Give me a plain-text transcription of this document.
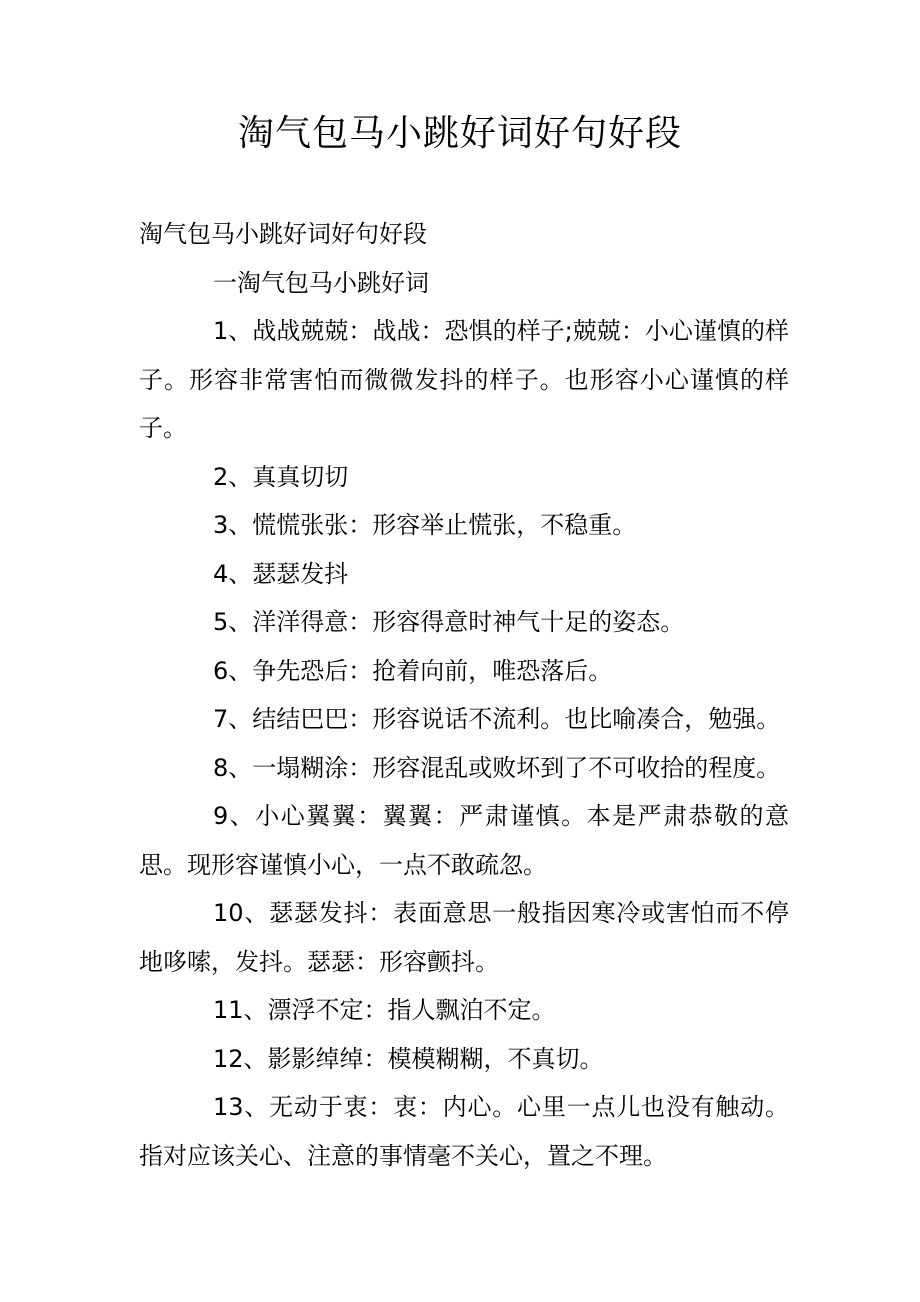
淘气包马小跳好词好句好段

淘气包马小跳好词好句好段

一淘气包马小跳好词

1、战战兢兢：战战：恐惧的样子;兢兢：小心谨慎的样子。形容非常害怕而微微发抖的样子。也形容小心谨慎的样子。

2、真真切切

3、慌慌张张：形容举止慌张，不稳重。

4、瑟瑟发抖

5、洋洋得意：形容得意时神气十足的姿态。

6、争先恐后：抢着向前，唯恐落后。

7、结结巴巴：形容说话不流利。也比喻凑合，勉强。

8、一塌糊涂：形容混乱或败坏到了不可收拾的程度。

9、小心翼翼：翼翼：严肃谨慎。本是严肃恭敬的意思。现形容谨慎小心，一点不敢疏忽。

10、瑟瑟发抖：表面意思一般指因寒冷或害怕而不停地哆嗦，发抖。瑟瑟：形容颤抖。

11、漂浮不定：指人飘泊不定。

12、影影绰绰：模模糊糊，不真切。

13、无动于衷：衷：内心。心里一点儿也没有触动。指对应该关心、注意的事情毫不关心，置之不理。
